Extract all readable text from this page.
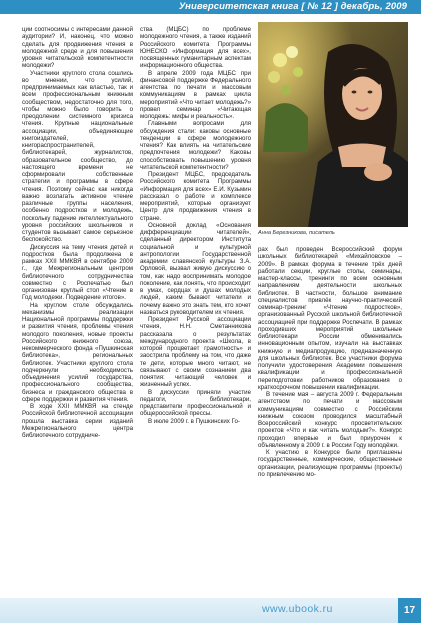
Университетская книга [ № 12 ] декабрь, 2009

ции соотносимы с интересами данной аудитории? И, наконец, что можно сделать для продвижения чтения в молодежной среде и для повышения уровня читательской компетентности молодежи?

Участники круглого стола сошлись во мнении, что усилий, предпринимаемых как властью, так и всем профессиональным книжным сообществом, недостаточно для того, чтобы можно было говорить о преодолении системного кризиса чтения. Крупные национальные ассоциации, объединяющие книгоиздателей, книгораспространителей, библиотекарей, журналистов, образовательное сообщество, до настоящего времени не сформировали собственные стратегии и программы в сфере чтения. Поэтому сейчас как никогда важно возлагать активное чтение различные группы населения, особенно подростков и молодежь, поскольку падение интеллектуального уровня российских школьников и студентов вызывает самое серьезное беспокойство.

Дискуссия на тему чтения детей и подростков была продолжена в рамках XXII ММКВЯ в сентябре 2009 г., где Межрегиональным центром библиотечного сотрудничества совместно с Роспечатью был организован круглый стол «Чтение в Год молодежи. Подведение итогов».

На круглом столе обсуждались механизмы реализации Национальной программы поддержки и развития чтения, проблемы чтения молодого поколения, новые проекты Российского книжного союза, некоммерческого фонда «Пушкинская библиотека», региональных библиотек. Участники круглого стола подчеркнули необходимость объединения усилий государства, профессионального сообщества, бизнеса и гражданского общества в сфере поддержки и развития чтения.

В ходе XXII ММКВЯ на стенде Российской библиотечной ассоциации прошла выставка серии изданий Межрегионального центра библиотечного сотрудниче-

ства (МЦБС) по проблеме молодежного чтения, а также изданий Российского комитета Программы ЮНЕСКО «Информация для всех», посвященных гуманитарным аспектам информационного общества.

В апреле 2009 года МЦБС при финансовой поддержке Федерального агентства по печати и массовым коммуникациям в рамках цикла мероприятий «Что читает молодежь?» провел семинар «Читающая молодежь: мифы и реальность».

Главными вопросами для обсуждения стали: каковы основные тенденции в сфере молодежного чтения? Как влиять на читательские предпочтения молодежи? Каковы способствовать повышению уровня читательской компетентности?

Президент МЦБС, председатель Российского комитета Программы «Информация для всех» Е.И. Кузьмин рассказал о работе и комплексе мероприятий, которые организует Центр для продвижения чтения в стране.

Основной доклад «Основания дифференциации читателей», сделанный директором Института социальной и культурной антропологии Государственной академии славянской культуры З.А. Орловой, вызвал живую дискуссию о том, как надо воспринимать молодое поколение, как понять, что происходит в умах, сердцах и душах молодых людей, каким бывают читатели и почему важно это знать тем, кто хочет назваться руководителем их чтения.

Президент Русской ассоциации чтения, Н.Н. Сметанникова рассказала о результатах международного проекта «Школа, в которой процветает грамотность» и заострила проблему на том, что даже те дети, которые много читают, не связывают с своим сознанием два понятия: читающий человек и жизненный успех.

В дискуссии приняли участие педагоги, библиотекари, представители профессиональной и общероссийской прессы.

В июле 2009 г. в Пушкинских Го-

Анна Березникова, писатель

рах был проведен Всероссийский форум школьных библиотекарей «Михайловское – 2009». В рамках форума в течение трёх дней работали секции, круглые столы, семинары, мастер-классы, тренинги по всем основным направлениям деятельности школьных библиотек. В частности, большое внимание специалистов привлёк научно-практический семинар-тренинг «Чтение подростков», организованный Русской школьной библиотечной ассоциацией при поддержке Роспечати. В рамках проходивших мероприятий школьные библиотекари России обменивались инновационным опытом, изучали на выставках книжную и медиапродукцию, предназначенную для школьных библиотек. Все участники форума получили удостоверения Академии повышения квалификации и профессиональной переподготовки работников образования о краткосрочном повышении квалификации.

В течение мая – августа 2009 г. Федеральным агентством по печати и массовым коммуникациям совместно с Российским книжным союзом проводился масштабный Всероссийский конкурс просветительских проектов «Что и как читать молодым?». Конкурс проходил впервые и был приурочен к объявленному в 2009 г. в России Году молодёжи.

К участию в Конкурсе были приглашены государственные, коммерческие, общественные организации, реализующие программы (проекты) по привлечению мо-

www.ubook.ru	17
